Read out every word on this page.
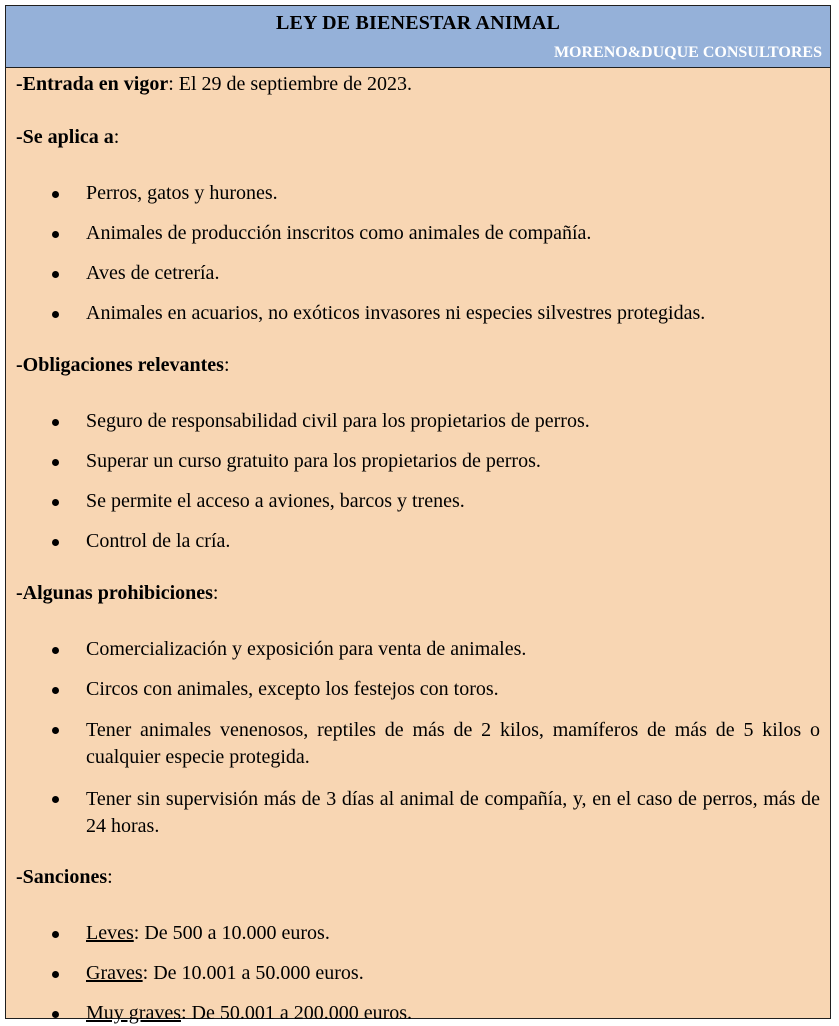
LEY DE BIENESTAR ANIMAL
MORENO&DUQUE CONSULTORES

-Entrada en vigor: El 29 de septiembre de 2023.

-Se aplica a:

Perros, gatos y hurones.
Animales de producción inscritos como animales de compañía.
Aves de cetrería.
Animales en acuarios, no exóticos invasores ni especies silvestres protegidas.

-Obligaciones relevantes:

Seguro de responsabilidad civil para los propietarios de perros.
Superar un curso gratuito para los propietarios de perros.
Se permite el acceso a aviones, barcos y trenes.
Control de la cría.

-Algunas prohibiciones:

Comercialización y exposición para venta de animales.
Circos con animales, excepto los festejos con toros.
Tener animales venenosos, reptiles de más de 2 kilos, mamíferos de más de 5 kilos o cualquier especie protegida.
Tener sin supervisión más de 3 días al animal de compañía, y, en el caso de perros, más de 24 horas.

-Sanciones:

Leves: De 500 a 10.000 euros.
Graves: De 10.001 a 50.000 euros.
Muy graves: De 50.001 a 200.000 euros.
